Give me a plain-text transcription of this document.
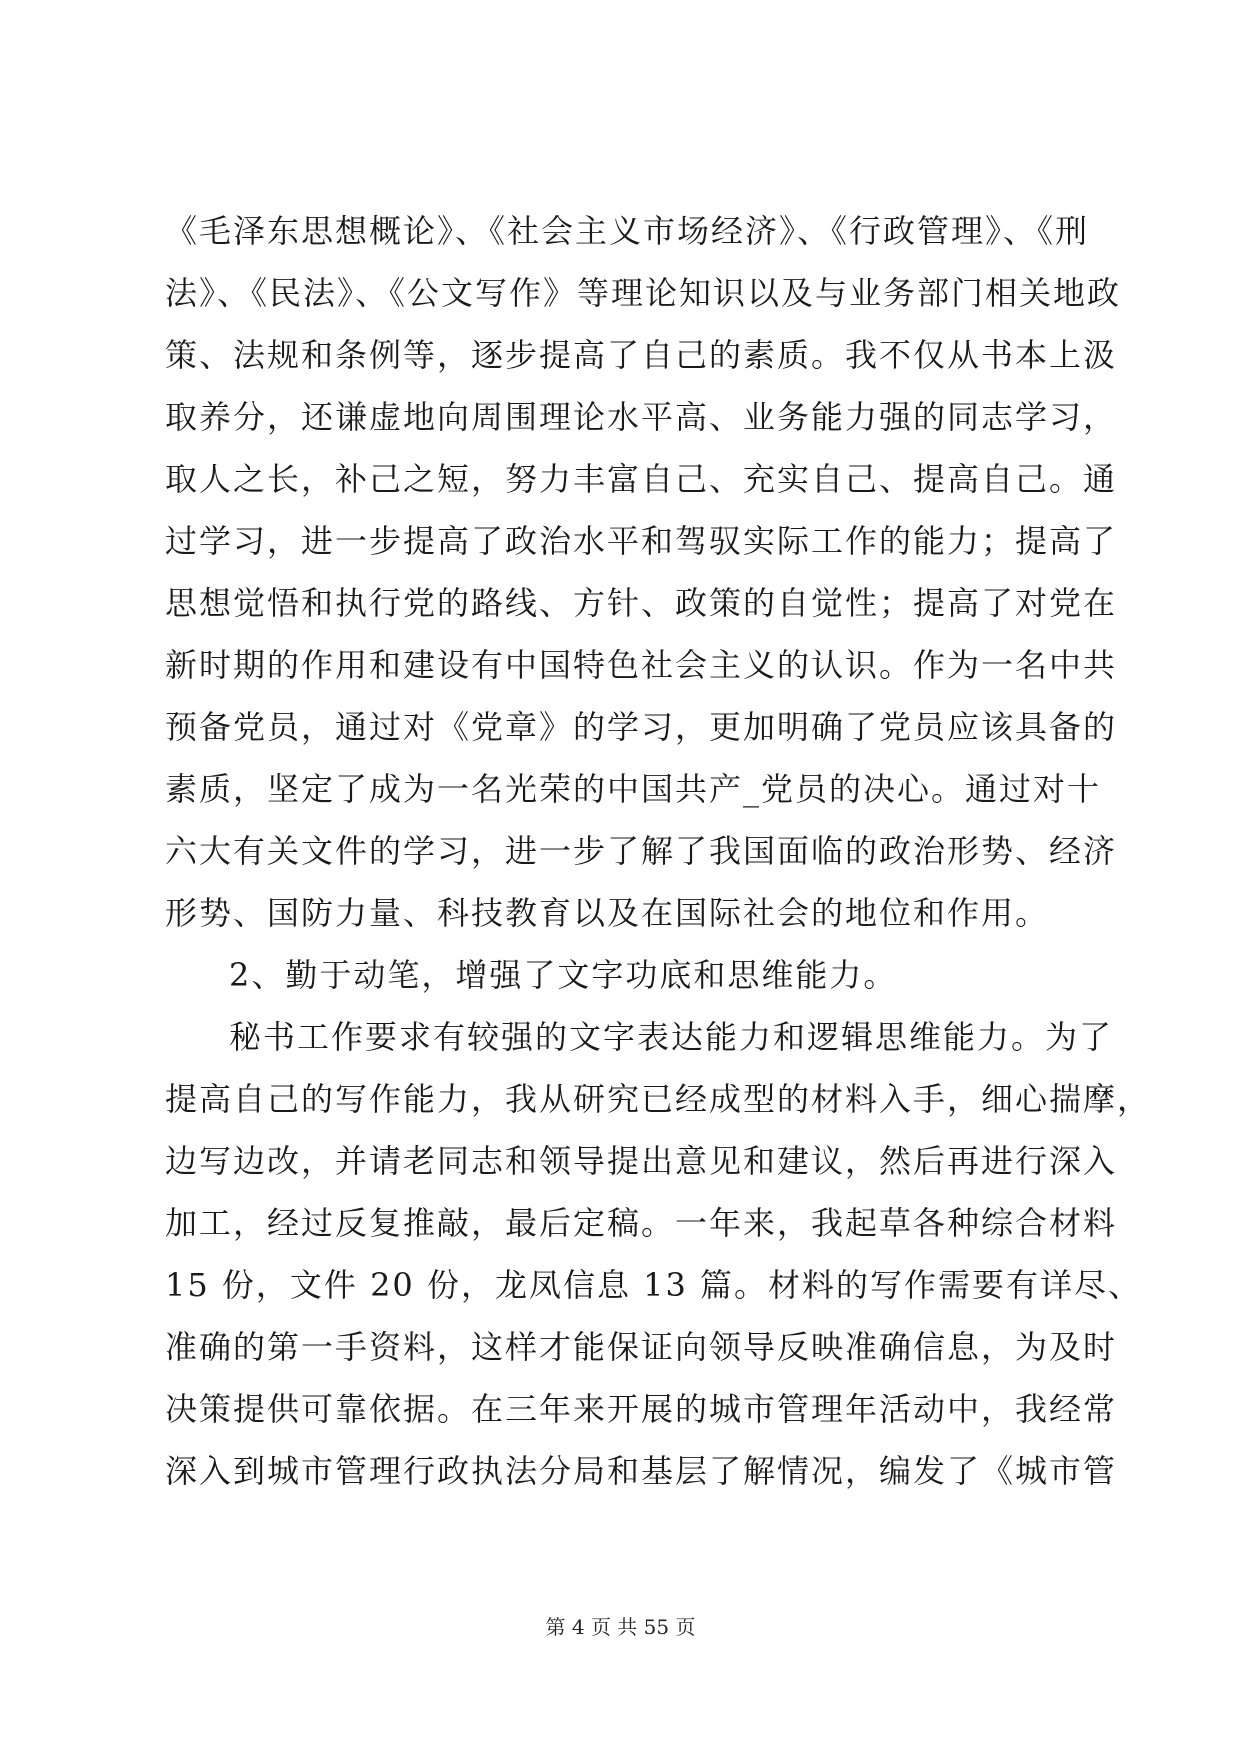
《毛泽东思想概论》、《社会主义市场经济》、《行政管理》、《刑
法》、《民法》、《公文写作》等理论知识以及与业务部门相关地政
策、法规和条例等，逐步提高了自己的素质。我不仅从书本上汲
取养分，还谦虚地向周围理论水平高、业务能力强的同志学习，
取人之长，补己之短，努力丰富自己、充实自己、提高自己。通
过学习，进一步提高了政治水平和驾驭实际工作的能力；提高了
思想觉悟和执行党的路线、方针、政策的自觉性；提高了对党在
新时期的作用和建设有中国特色社会主义的认识。作为一名中共
预备党员，通过对《党章》的学习，更加明确了党员应该具备的
素质，坚定了成为一名光荣的中国共产_党员的决心。通过对十
六大有关文件的学习，进一步了解了我国面临的政治形势、经济
形势、国防力量、科技教育以及在国际社会的地位和作用。
2、勤于动笔，增强了文字功底和思维能力。
秘书工作要求有较强的文字表达能力和逻辑思维能力。为了
提高自己的写作能力，我从研究已经成型的材料入手，细心揣摩，
边写边改，并请老同志和领导提出意见和建议，然后再进行深入
加工，经过反复推敲，最后定稿。一年来，我起草各种综合材料
15 份，文件 20 份，龙凤信息 13 篇。材料的写作需要有详尽、
准确的第一手资料，这样才能保证向领导反映准确信息，为及时
决策提供可靠依据。在三年来开展的城市管理年活动中，我经常
深入到城市管理行政执法分局和基层了解情况，编发了《城市管
第 4 页 共 55 页
